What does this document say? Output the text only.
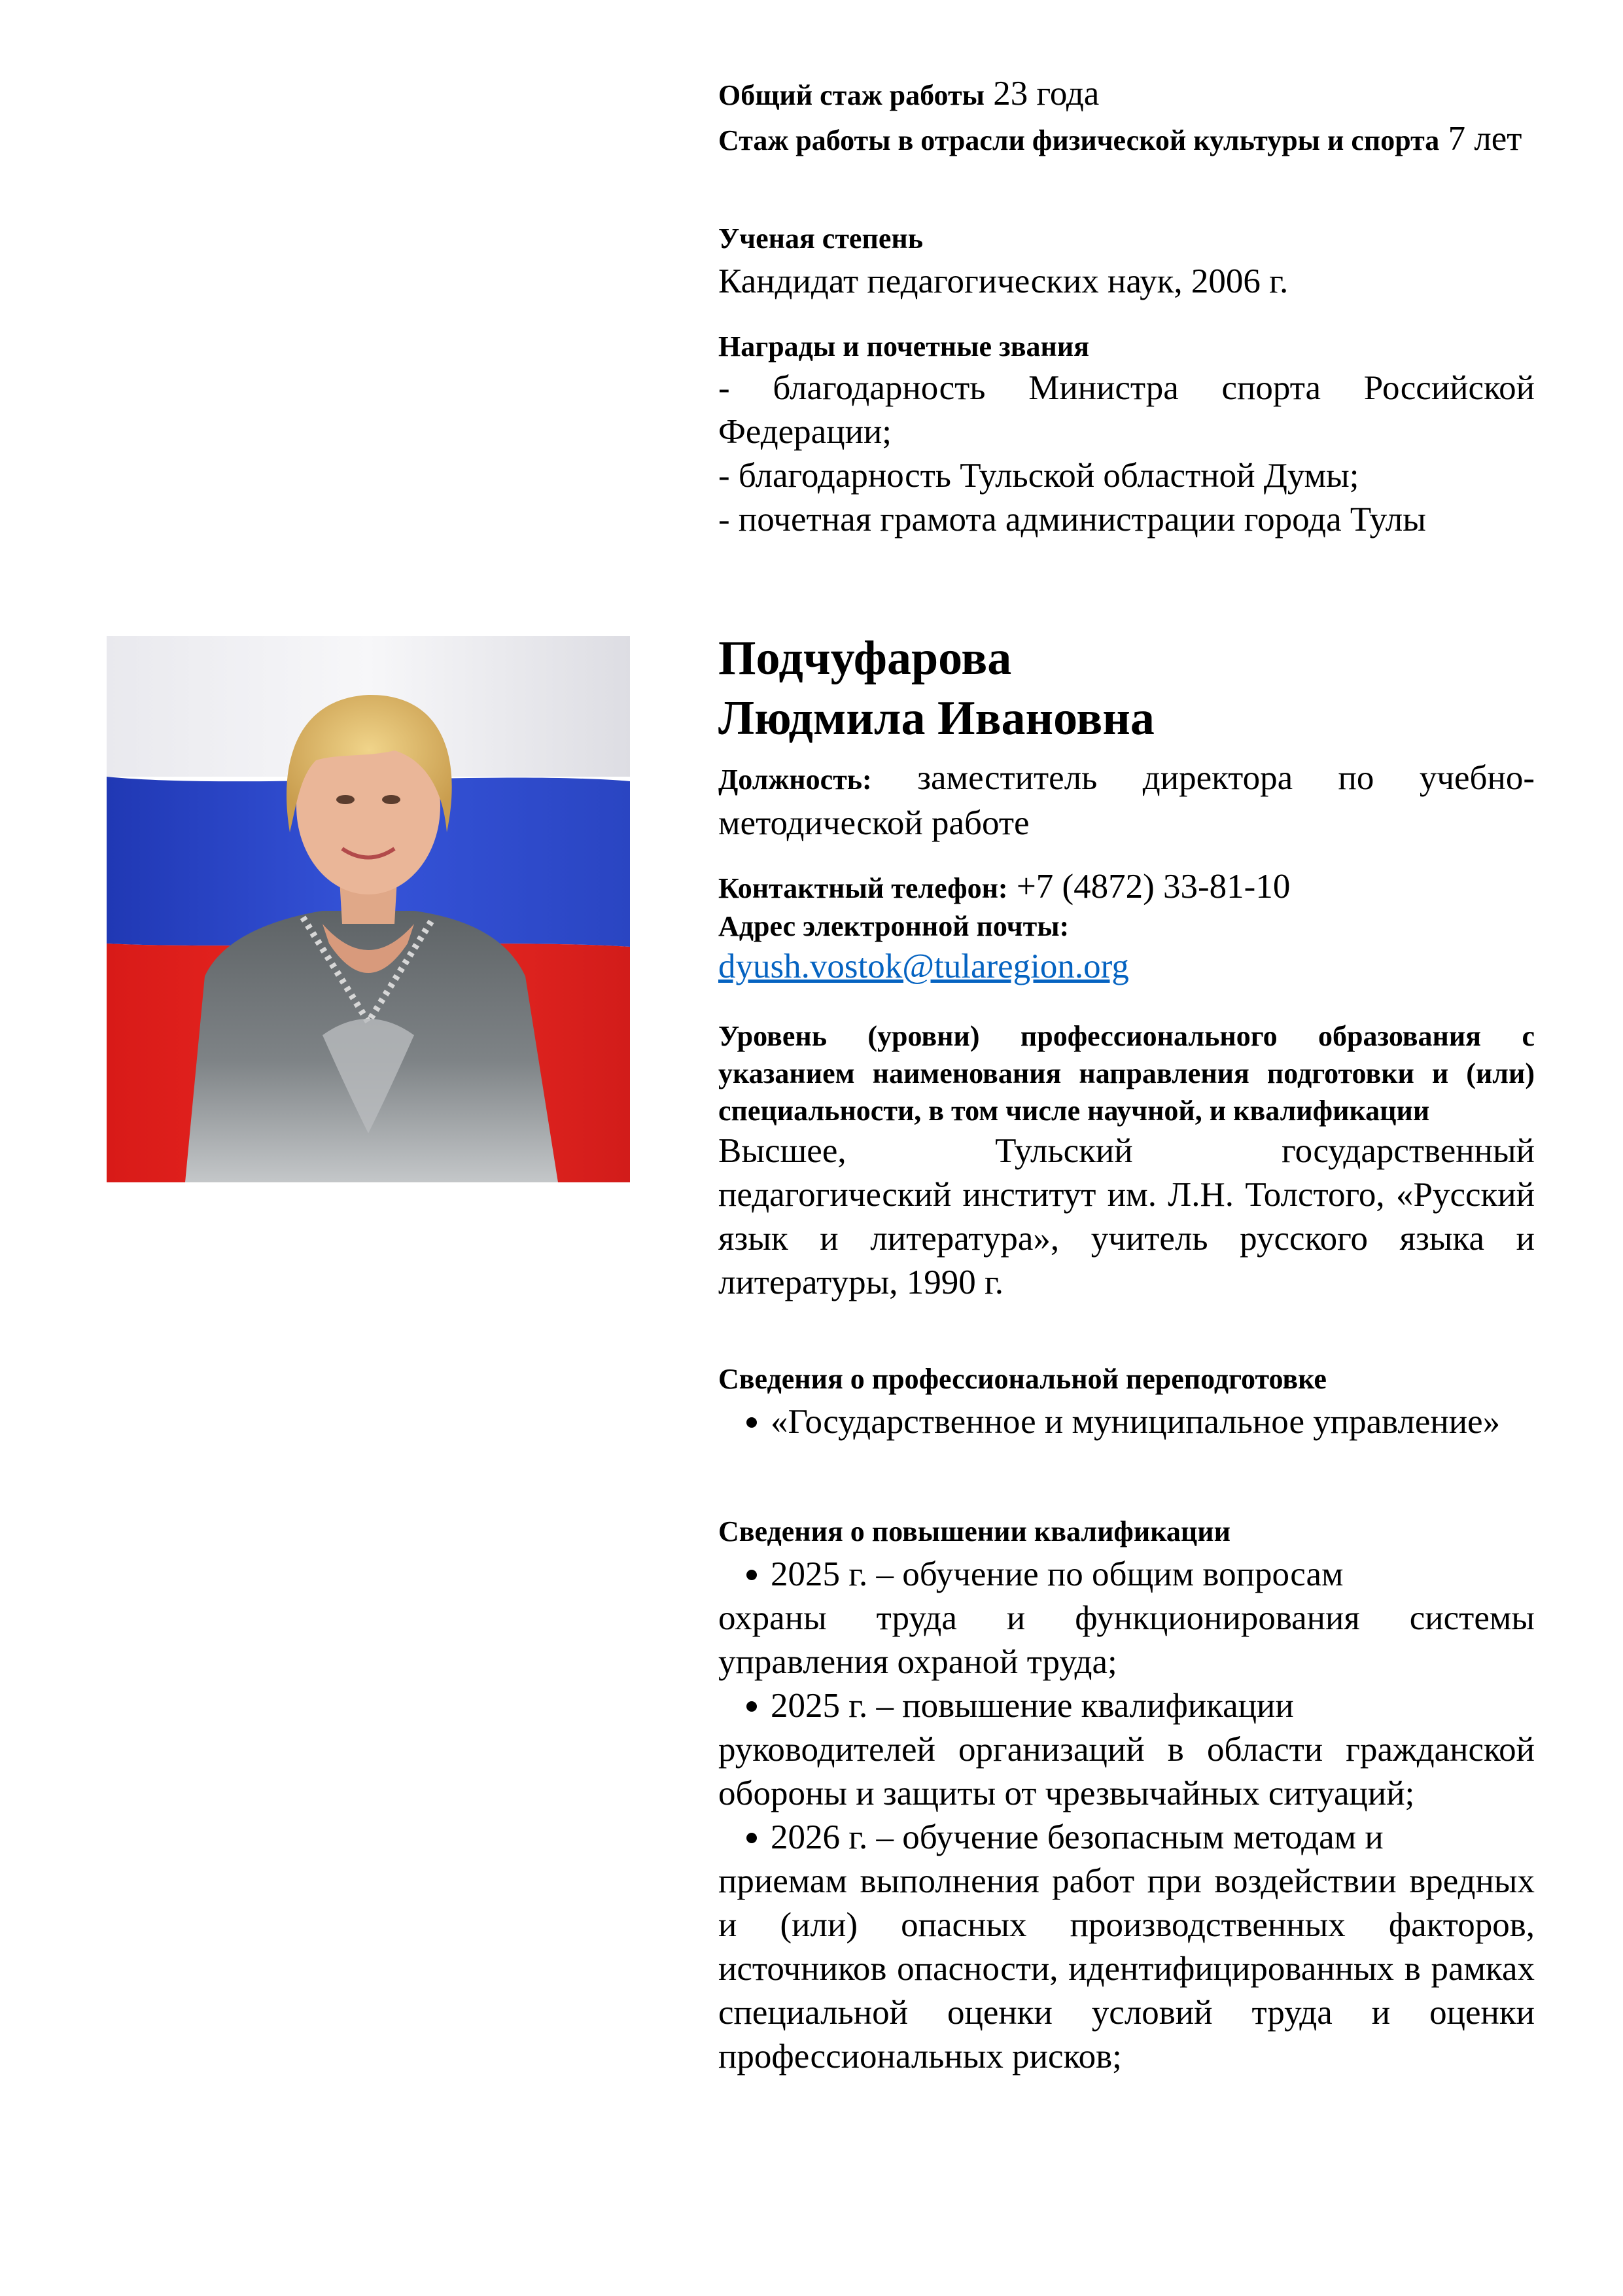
Общий стаж работы 23 года

Стаж работы в отрасли физической культуры и спорта 7 лет

Ученая степень

Кандидат педагогических наук, 2006 г.

Награды и почетные звания

- благодарность Министра спорта Российской Федерации;

- благодарность Тульской областной Думы;

- почетная грамота администрации города Тулы

Подчуфарова

Людмила Ивановна

Должность: заместитель директора по учебно-методической работе

Контактный телефон: +7 (4872) 33-81-10

Адрес электронной почты:

dyush.vostok@tularegion.org

Уровень (уровни) профессионального образования с указанием наименования направления подготовки и (или) специальности, в том числе научной, и квалификации

Высшее, Тульский государственный

педагогический институт им. Л.Н. Толстого, «Русский язык и литература», учитель русского языка и литературы, 1990 г.

Сведения о профессиональной переподготовке

«Государственное и муниципальное управление»

Сведения о повышении квалификации

2025 г. – обучение по общим вопросам

охраны труда и функционирования системы управления охраной труда;

2025 г. – повышение квалификации

руководителей организаций в области гражданской обороны и защиты от чрезвычайных ситуаций;

2026 г. – обучение безопасным методам и

приемам выполнения работ при воздействии вредных и (или) опасных производственных факторов, источников опасности, идентифицированных в рамках специальной оценки условий труда и оценки профессиональных рисков;
